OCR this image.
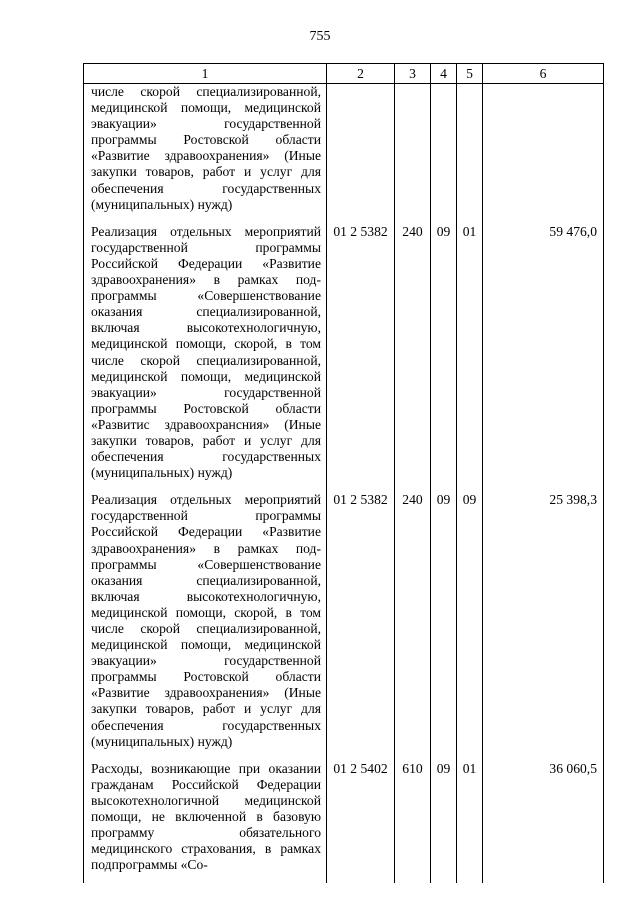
755
1	2	3	4	5	6
числе скорой специализированной, медицинской помощи, медицинской эвакуации» государственной программы Ростовской области «Развитие здравоохранения» (Иные закупки товаров, работ и услуг для обеспечения государственных (муниципальных) нужд)					
Реализация отдельных мероприятий государственной программы Российской Федерации «Развитие здравоохранения» в рамках подпрограммы «Совершенствование оказания специализированной, включая высокотехнологичную, медицинской помощи, скорой, в том числе скорой специализированной, медицинской помощи, медицинской эвакуации» государственной программы Ростовской области «Развитис здравоохрансния» (Иные закупки товаров, работ и услуг для обеспечения государственных (муниципальных) нужд)	01 2 5382	240	09	01	59 476,0
Реализация отдельных мероприятий государственной программы Российской Федерации «Развитие здравоохранения» в рамках подпрограммы «Совершенствование оказания специализированной, включая высокотехнологичную, медицинской помощи, скорой, в том числе скорой специализированной, медицинской помощи, медицинской эвакуации» государственной программы Ростовской области «Развитие здравоохранения» (Иные закупки товаров, работ и услуг для обеспечения государственных (муниципальных) нужд)	01 2 5382	240	09	09	25 398,3
Расходы, возникающие при оказании гражданам Российской Федерации высокотехнологичной медицинской помощи, не включенной в базовую программу обязательного медицинского страхования, в рамках подпрограммы «Со-	01 2 5402	610	09	01	36 060,5
